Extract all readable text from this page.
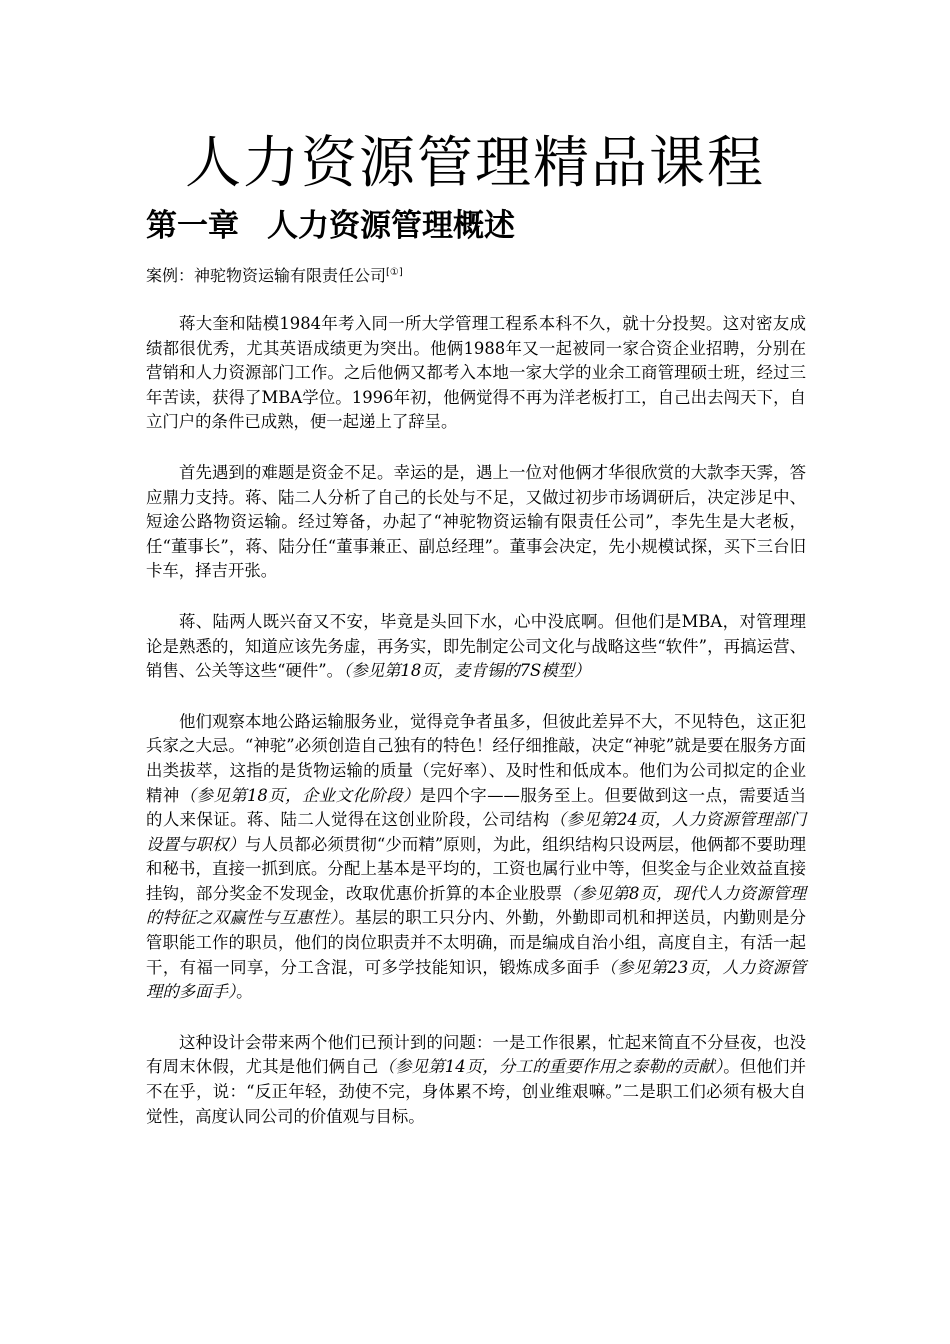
人力资源管理精品课程
第一章 人力资源管理概述
案例：神驼物资运输有限责任公司[①]

蒋大奎和陆模1984年考入同一所大学管理工程系本科不久，就十分投契。这对密友成绩都很优秀，尤其英语成绩更为突出。他俩1988年又一起被同一家合资企业招聘，分别在营销和人力资源部门工作。之后他俩又都考入本地一家大学的业余工商管理硕士班，经过三年苦读，获得了MBA学位。1996年初，他俩觉得不再为洋老板打工，自己出去闯天下，自立门户的条件已成熟，便一起递上了辞呈。

首先遇到的难题是资金不足。幸运的是，遇上一位对他俩才华很欣赏的大款李天霁，答应鼎力支持。蒋、陆二人分析了自己的长处与不足，又做过初步市场调研后，决定涉足中、短途公路物资运输。经过筹备，办起了“神驼物资运输有限责任公司”，李先生是大老板，任“董事长”，蒋、陆分任“董事兼正、副总经理”。董事会决定，先小规模试探，买下三台旧卡车，择吉开张。

蒋、陆两人既兴奋又不安，毕竟是头回下水，心中没底啊。但他们是MBA，对管理理论是熟悉的，知道应该先务虚，再务实，即先制定公司文化与战略这些“软件”，再搞运营、销售、公关等这些“硬件”。（参见第18页，麦肯锡的7S模型）

他们观察本地公路运输服务业，觉得竞争者虽多，但彼此差异不大，不见特色，这正犯兵家之大忌。“神驼”必须创造自己独有的特色！经仔细推敲，决定“神驼”就是要在服务方面出类拔萃，这指的是货物运输的质量（完好率）、及时性和低成本。他们为公司拟定的企业精神（参见第18页，企业文化阶段）是四个字——服务至上。但要做到这一点，需要适当的人来保证。蒋、陆二人觉得在这创业阶段，公司结构（参见第24页，人力资源管理部门设置与职权）与人员都必须贯彻“少而精”原则，为此，组织结构只设两层，他俩都不要助理和秘书，直接一抓到底。分配上基本是平均的，工资也属行业中等，但奖金与企业效益直接挂钩，部分奖金不发现金，改取优惠价折算的本企业股票（参见第8页，现代人力资源管理的特征之双赢性与互惠性）。基层的职工只分内、外勤，外勤即司机和押送员，内勤则是分管职能工作的职员，他们的岗位职责并不太明确，而是编成自治小组，高度自主，有活一起干，有福一同享，分工含混，可多学技能知识，锻炼成多面手（参见第23页，人力资源管理的多面手）。

这种设计会带来两个他们已预计到的问题：一是工作很累，忙起来简直不分昼夜，也没有周末休假，尤其是他们俩自己（参见第14页，分工的重要作用之泰勒的贡献）。但他们并不在乎，说：“反正年轻，劲使不完，身体累不垮，创业维艰嘛。”二是职工们必须有极大自觉性，高度认同公司的价值观与目标。
